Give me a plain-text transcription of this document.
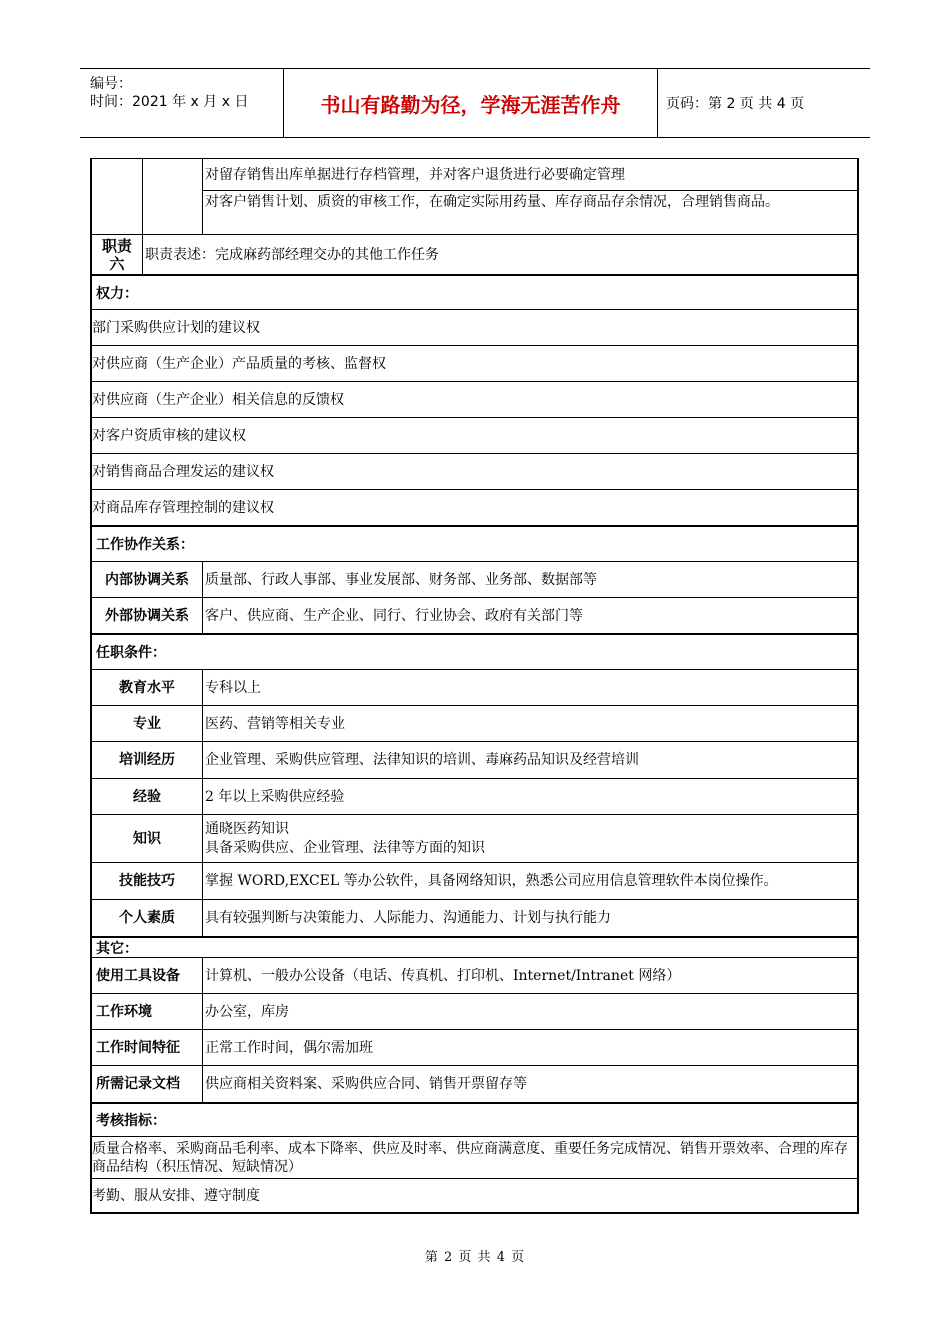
编号：
时间：2021 年 x 月 x 日	书山有路勤为径，学海无涯苦作舟	页码：第 2 页 共 4 页
对留存销售出库单据进行存档管理，并对客户退货进行必要确定管理
对客户销售计划、质资的审核工作，在确定实际用药量、库存商品存余情况，合理销售商品。
职责六	职责表述：完成麻药部经理交办的其他工作任务
权力：
部门采购供应计划的建议权
对供应商（生产企业）产品质量的考核、监督权
对供应商（生产企业）相关信息的反馈权
对客户资质审核的建议权
对销售商品合理发运的建议权
对商品库存管理控制的建议权
工作协作关系：
内部协调关系	质量部、行政人事部、事业发展部、财务部、业务部、数据部等
外部协调关系	客户、供应商、生产企业、同行、行业协会、政府有关部门等
任职条件：
教育水平	专科以上
专业	医药、营销等相关专业
培训经历	企业管理、采购供应管理、法律知识的培训、毒麻药品知识及经营培训
经验	2 年以上采购供应经验
知识
通晓医药知识
具备采购供应、企业管理、法律等方面的知识
技能技巧	掌握 WORD,EXCEL 等办公软件，具备网络知识，熟悉公司应用信息管理软件本岗位操作。
个人素质	具有较强判断与决策能力、人际能力、沟通能力、计划与执行能力
其它：
使用工具设备	计算机、一般办公设备（电话、传真机、打印机、Internet/Intranet 网络）
工作环境	办公室，库房
工作时间特征	正常工作时间，偶尔需加班
所需记录文档	供应商相关资料案、采购供应合同、销售开票留存等
考核指标：
质量合格率、采购商品毛利率、成本下降率、供应及时率、供应商满意度、重要任务完成情况、销售开票效率、合理的库存商品结构（积压情况、短缺情况）
考勤、服从安排、遵守制度
第 2 页 共 4 页
